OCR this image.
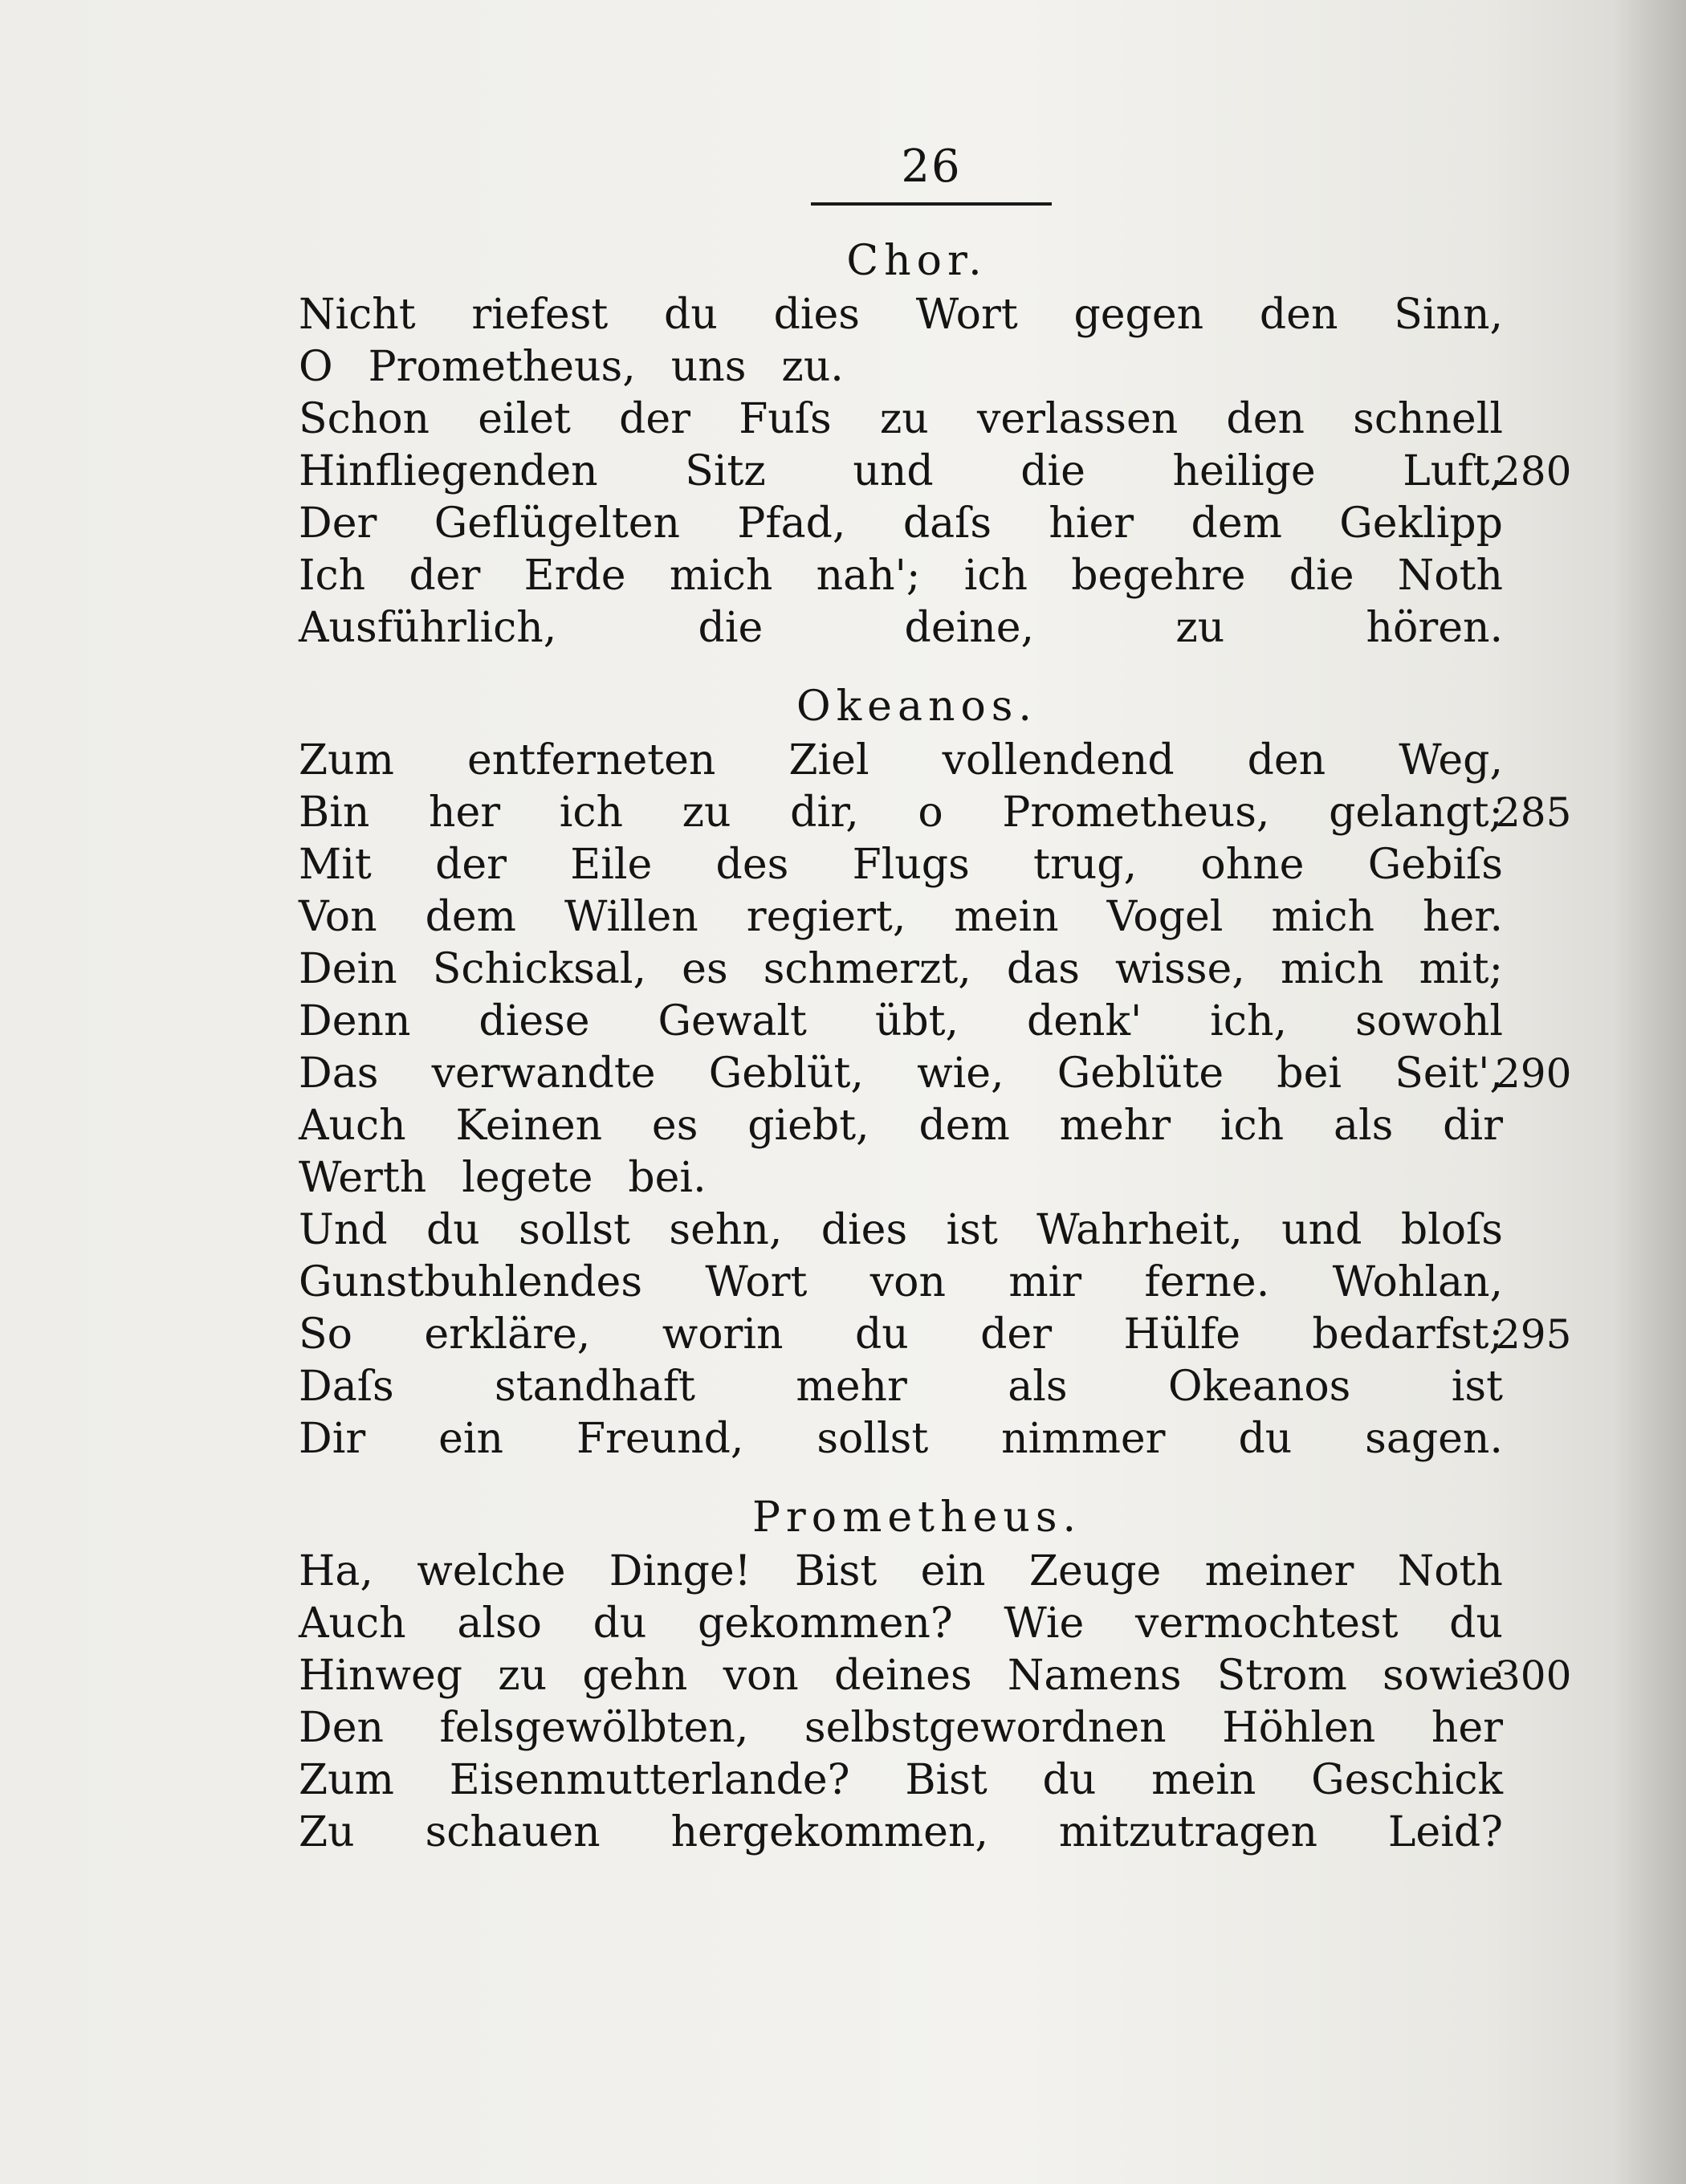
26
Chor.
Nicht riefest du dies Wort gegen den Sinn,
O Prometheus, uns zu.
Schon eilet der Fuſs zu verlassen den schnell
Hinfliegenden Sitz und die heilige Luft,
280
Der Geflügelten Pfad, daſs hier dem Geklipp
Ich der Erde mich nah'; ich begehre die Noth
Ausführlich,	die	deine,	zu	hören.
Okeanos.
Zum entferneten Ziel vollendend den Weg,
Bin her ich zu dir, o Prometheus, gelangt;
285
Mit der Eile des Flugs trug, ohne Gebiſs
Von dem Willen regiert, mein Vogel mich her.
Dein Schicksal, es schmerzt, das wisse, mich mit;
Denn diese Gewalt übt, denk' ich, sowohl
Das verwandte Geblüt, wie, Geblüte bei Seit',
290
Auch Keinen es giebt, dem mehr ich als dir
Werth legete bei.
Und du sollst sehn, dies ist Wahrheit, und bloſs
Gunstbuhlendes Wort von mir ferne. Wohlan,
So erkläre, worin du der Hülfe bedarfst;
295
Daſs standhaft mehr als Okeanos ist
Dir ein Freund, sollst nimmer du sagen.
Prometheus.
Ha, welche Dinge! Bist ein Zeuge meiner Noth
Auch also du gekommen? Wie vermochtest du
Hinweg zu gehn von deines Namens Strom sowie
300
Den felsgewölbten, selbstgewordnen Höhlen her
Zum Eisenmutterlande? Bist du mein Geschick
Zu schauen hergekommen, mitzutragen Leid?
